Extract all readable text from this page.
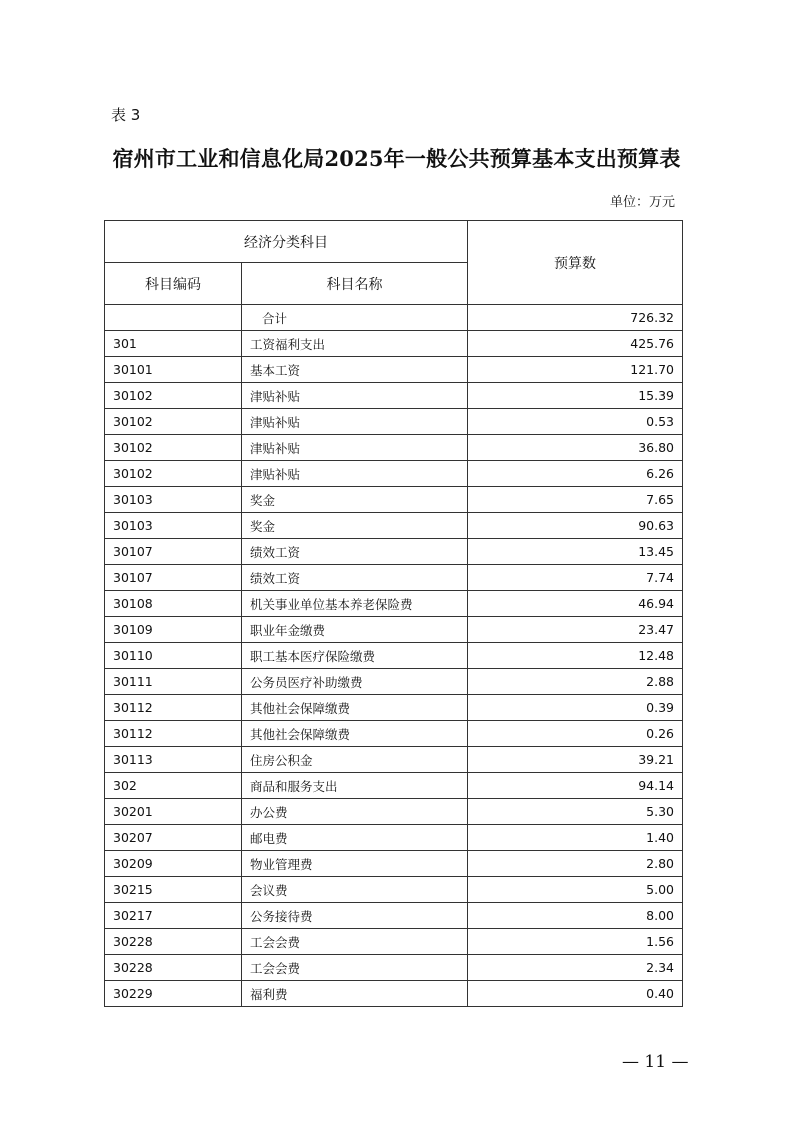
表 3
宿州市工业和信息化局2025年一般公共预算基本支出预算表
单位：万元
经济分类科目		预算数
科目编码	科目名称	
	合计	726.32
301	工资福利支出	425.76
30101	基本工资	121.70
30102	津贴补贴	15.39
30102	津贴补贴	0.53
30102	津贴补贴	36.80
30102	津贴补贴	6.26
30103	奖金	7.65
30103	奖金	90.63
30107	绩效工资	13.45
30107	绩效工资	7.74
30108	机关事业单位基本养老保险费	46.94
30109	职业年金缴费	23.47
30110	职工基本医疗保险缴费	12.48
30111	公务员医疗补助缴费	2.88
30112	其他社会保障缴费	0.39
30112	其他社会保障缴费	0.26
30113	住房公积金	39.21
302	商品和服务支出	94.14
30201	办公费	5.30
30207	邮电费	1.40
30209	物业管理费	2.80
30215	会议费	5.00
30217	公务接待费	8.00
30228	工会会费	1.56
30228	工会会费	2.34
30229	福利费	0.40
— 11 —
